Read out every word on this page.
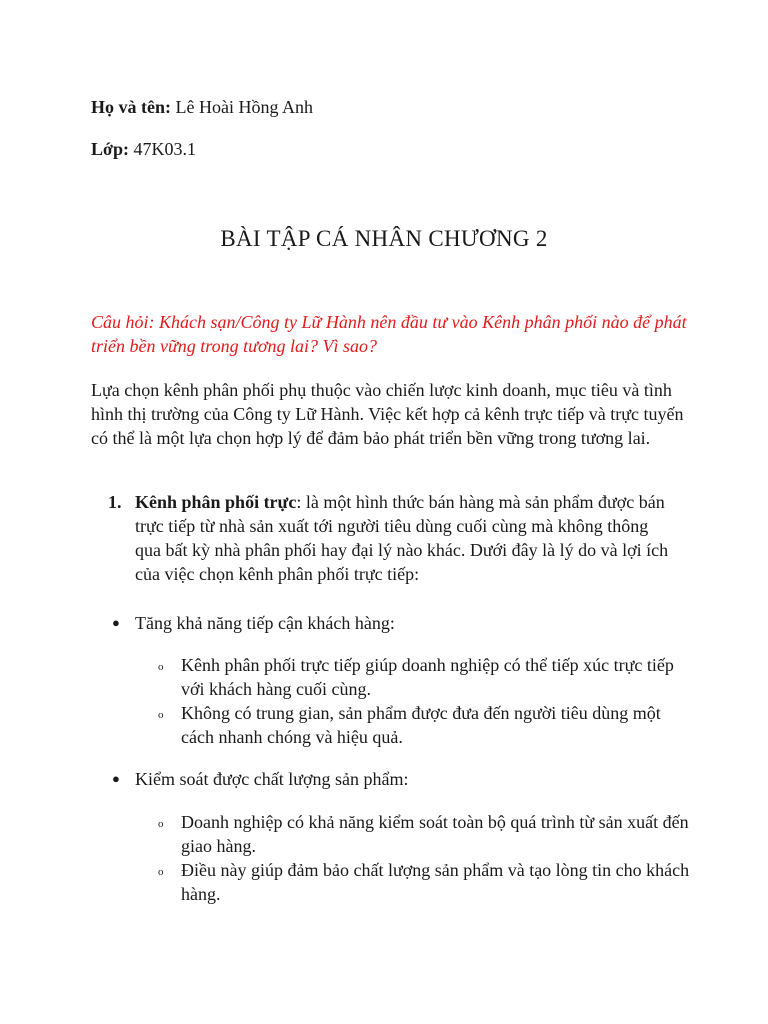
Họ và tên: Lê Hoài Hồng Anh
Lớp: 47K03.1
BÀI TẬP CÁ NHÂN CHƯƠNG 2
Câu hỏi: Khách sạn/Công ty Lữ Hành nên đầu tư vào Kênh phân phối nào để phát triển bền vững trong tương lai? Vì sao?
Lựa chọn kênh phân phối phụ thuộc vào chiến lược kinh doanh, mục tiêu và tình hình thị trường của Công ty Lữ Hành. Việc kết hợp cả kênh trực tiếp và trực tuyến có thể là một lựa chọn hợp lý để đảm bảo phát triển bền vững trong tương lai.
1. Kênh phân phối trực: là một hình thức bán hàng mà sản phẩm được bán trực tiếp từ nhà sản xuất tới người tiêu dùng cuối cùng mà không thông qua bất kỳ nhà phân phối hay đại lý nào khác. Dưới đây là lý do và lợi ích của việc chọn kênh phân phối trực tiếp:
● Tăng khả năng tiếp cận khách hàng:
o Kênh phân phối trực tiếp giúp doanh nghiệp có thể tiếp xúc trực tiếp với khách hàng cuối cùng.
o Không có trung gian, sản phẩm được đưa đến người tiêu dùng một cách nhanh chóng và hiệu quả.
● Kiểm soát được chất lượng sản phẩm:
o Doanh nghiệp có khả năng kiểm soát toàn bộ quá trình từ sản xuất đến giao hàng.
o Điều này giúp đảm bảo chất lượng sản phẩm và tạo lòng tin cho khách hàng.
